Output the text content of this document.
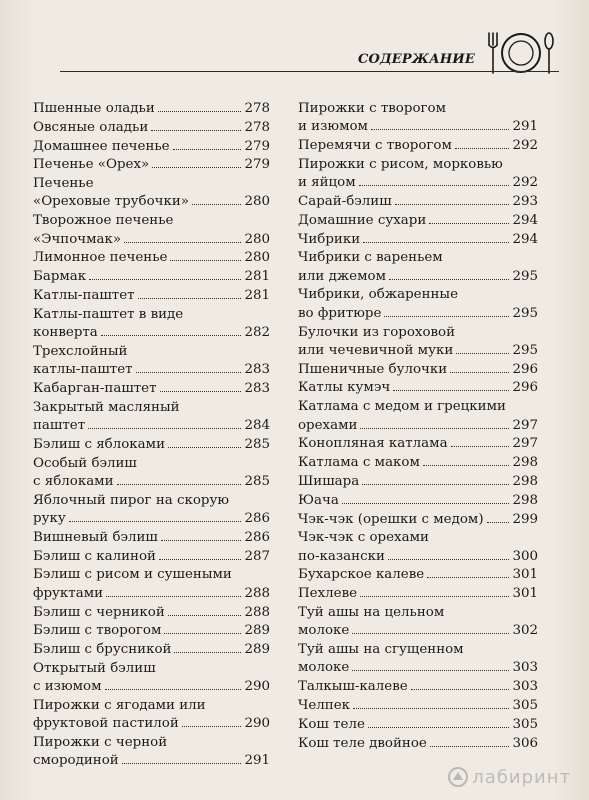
СОДЕРЖАНИЕ
Пшенные оладьи	278
Овсяные оладьи	278
Домашнее печенье	279
Печенье «Орех»	279
Печенье
«Ореховые трубочки»	280
Творожное печенье
«Эчпочмак»	280
Лимонное печенье	280
Бармак	281
Катлы-паштет	281
Катлы-паштет в виде
конверта	282
Трехслойный
катлы-паштет	283
Кабарган-паштет	283
Закрытый масляный
паштет	284
Бэлиш с яблоками	285
Особый бэлиш
с яблоками	285
Яблочный пирог на скорую
руку	286
Вишневый бэлиш	286
Бэлиш с калиной	287
Бэлиш с рисом и сушеными
фруктами	288
Бэлиш с черникой	288
Бэлиш с творогом	289
Бэлиш с брусникой	289
Открытый бэлиш
с изюмом	290
Пирожки с ягодами или
фруктовой пастилой	290
Пирожки с черной
смородиной	291
Пирожки с творогом
и изюмом	291
Перемячи с творогом	292
Пирожки с рисом, морковью
и яйцом	292
Сарай-бэлиш	293
Домашние сухари	294
Чибрики	294
Чибрики с вареньем
или джемом	295
Чибрики, обжаренные
во фритюре	295
Булочки из гороховой
или чечевичной муки	295
Пшеничные булочки	296
Катлы кумэч	296
Катлама с медом и грецкими
орехами	297
Конопляная катлама	297
Катлама с маком	298
Шишара	298
Юача	298
Чэк-чэк (орешки с медом) 299
Чэк-чэк с орехами
по-казански	300
Бухарское калеве	301
Пехлеве	301
Туй ашы на цельном
молоке	302
Туй ашы на сгущенном
молоке	303
Талкыш-калеве	303
Челпек	305
Кош теле	305
Кош теле двойное	306
лабиринт
